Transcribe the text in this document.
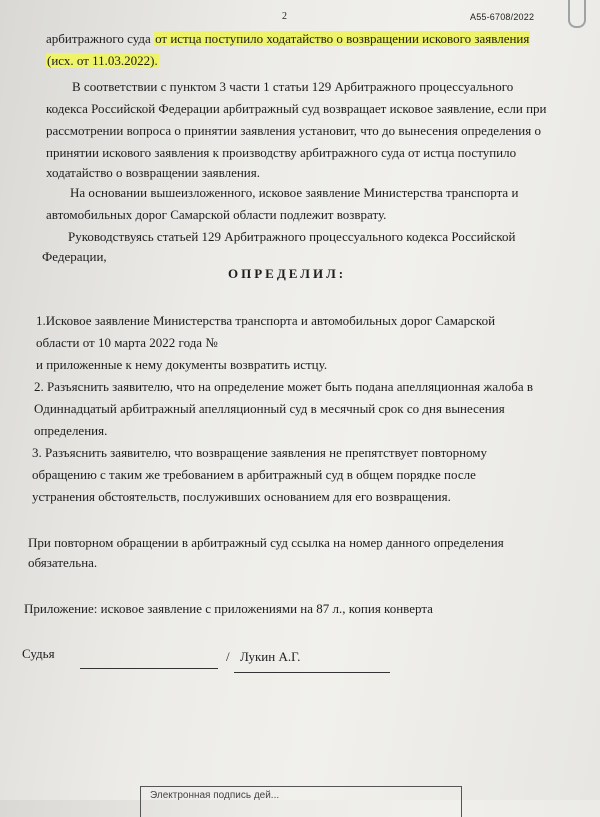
2	А55-6708/2022
арбитражного суда от истца поступило ходатайство о возвращении искового заявления
(исх. от 11.03.2022).
В соответствии с пунктом 3 части 1 статьи 129 Арбитражного процессуального
кодекса Российской Федерации арбитражный суд возвращает исковое заявление, если при
рассмотрении вопроса о принятии заявления установит, что до вынесения определения о
принятии искового заявления к производству арбитражного суда от истца поступило
ходатайство о возвращении заявления.
На основании вышеизложенного, исковое заявление Министерства транспорта и
автомобильных дорог Самарской области подлежит возврату.
Руководствуясь статьей 129 Арбитражного процессуального кодекса Российской
Федерации,
ОПРЕДЕЛИЛ:
1.Исковое заявление Министерства транспорта и автомобильных дорог Самарской
области от 10 марта 2022 года №
и приложенные к нему документы возвратить истцу.
2. Разъяснить заявителю, что на определение может быть подана апелляционная жалоба в
Одиннадцатый арбитражный апелляционный суд в месячный срок со дня вынесения
определения.
3. Разъяснить заявителю, что возвращение заявления не препятствует повторному
обращению с таким же требованием в арбитражный суд в общем порядке после
устранения обстоятельств, послуживших основанием для его возвращения.
При повторном обращении в арбитражный суд ссылка на номер данного определения
обязательна.
Приложение: исковое заявление с приложениями на 87 л., копия конверта
Судья	/ Лукин А.Г.
Электронная подпись дей...
